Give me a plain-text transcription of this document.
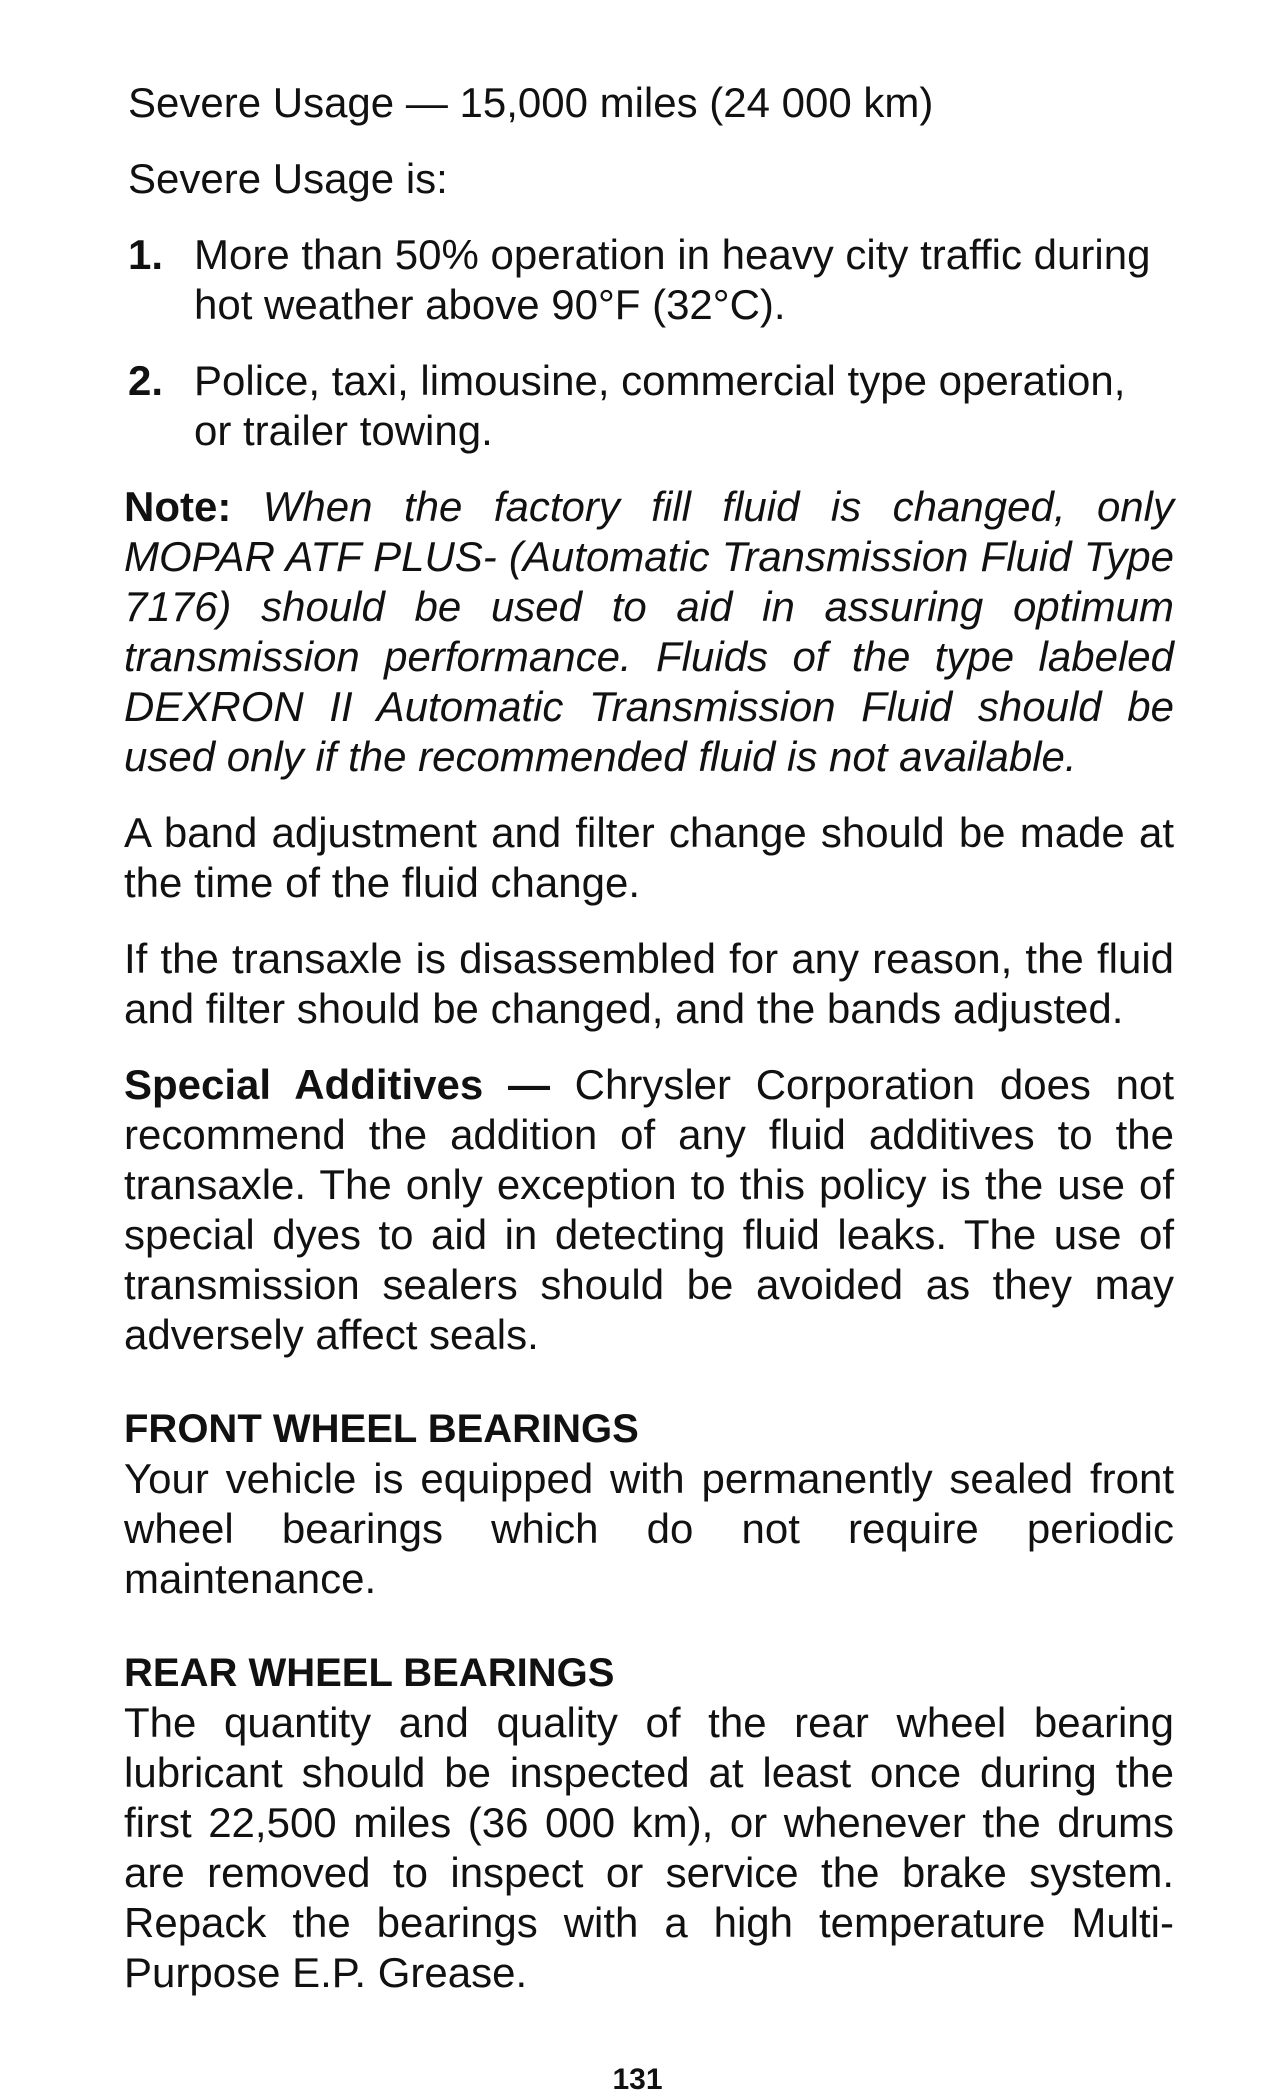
Severe Usage — 15,000 miles (24 000 km)
Severe Usage is:
1. More than 50% operation in heavy city traffic during hot weather above 90°F (32°C).
2. Police, taxi, limousine, commercial type operation, or trailer towing.

Note: When the factory fill fluid is changed, only MOPAR ATF PLUS- (Automatic Transmission Fluid Type 7176) should be used to aid in assuring optimum transmission performance. Fluids of the type labeled DEXRON II Automatic Transmission Fluid should be used only if the recommended fluid is not available.

A band adjustment and filter change should be made at the time of the fluid change.

If the transaxle is disassembled for any reason, the fluid and filter should be changed, and the bands adjusted.

Special Additives — Chrysler Corporation does not recommend the addition of any fluid additives to the transaxle. The only exception to this policy is the use of special dyes to aid in detecting fluid leaks. The use of transmission sealers should be avoided as they may adversely affect seals.

FRONT WHEEL BEARINGS

Your vehicle is equipped with permanently sealed front wheel bearings which do not require periodic maintenance.

REAR WHEEL BEARINGS

The quantity and quality of the rear wheel bearing lubricant should be inspected at least once during the first 22,500 miles (36 000 km), or whenever the drums are removed to inspect or service the brake system. Repack the bearings with a high temperature Multi-Purpose E.P. Grease.

131
